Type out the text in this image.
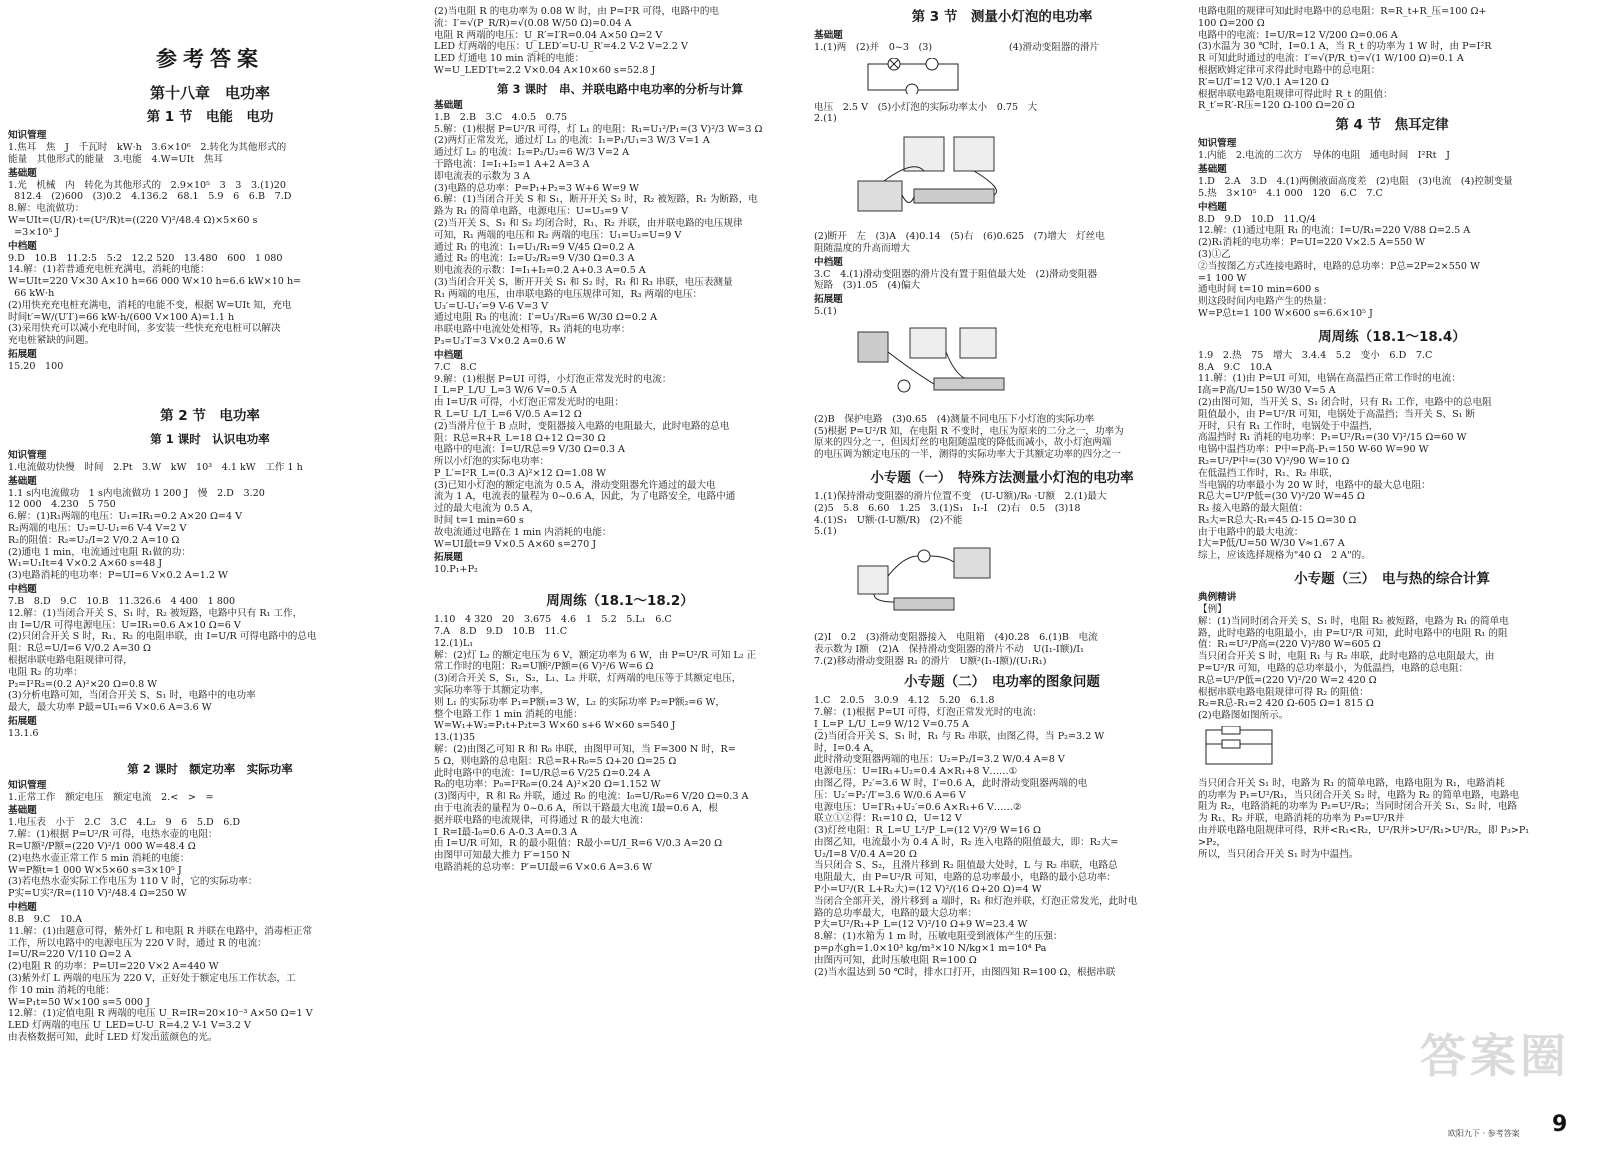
参考答案
第十八章　电功率
第 1 节　电能　电功
知识管理
1.焦耳　焦　J　千瓦时　kW·h　3.6×10⁶　2.转化为其他形式的
能量　其他形式的能量　3.电能　4.W=UIt　焦耳
基础题
1.光　机械　内　转化为其他形式的　2.9×10⁵　3　3　3.(1)20
812.4　(2)600　(3)0.2　4.136.2　68.1　5.9　6　6.B　7.D
8.解：电流做功：
W=UIt=(U/R)·t=(U²/R)t=((220 V)²/48.4 Ω)×5×60 s
=3×10⁵ J
中档题
9.D　10.B　11.2:5　5:2　12.2 520　13.480　600　1 080
14.解：(1)若普通充电桩充满电，消耗的电能：
W=UIt=220 V×30 A×10 h=66 000 W×10 h=6.6 kW×10 h=
66 kW·h
(2)用快充充电桩充满电，消耗的电能不变，根据 W=UIt 知，充电
时间t′=W/(U′I′)=66 kW·h/(600 V×100 A)=1.1 h
(3)采用快充可以减小充电时间，多安装一些快充充电桩可以解决
充电桩紧缺的问题。
拓展题
15.20　100
第 2 节　电功率
第 1 课时　认识电功率
知识管理
1.电流做功快慢　时间　2.Pt　3.W　kW　10³　4.1 kW　工作 1 h
基础题
1.1 s内电流做功　1 s内电流做功 1 200 J　慢　2.D　3.20
12 000　4.230　5 750
6.解：(1)R₁两端的电压：U₁=IR₁=0.2 A×20 Ω=4 V
R₂两端的电压：U₂=U-U₁=6 V-4 V=2 V
R₂的阻值：R₂=U₂/I=2 V/0.2 A=10 Ω
(2)通电 1 min，电流通过电阻 R₁做的功：
W₁=U₁It=4 V×0.2 A×60 s=48 J
(3)电路消耗的电功率：P=UI=6 V×0.2 A=1.2 W
中档题
7.B　8.D　9.C　10.B　11.326.6　4 400　1 800
12.解：(1)当闭合开关 S、S₁ 时，R₂ 被短路，电路中只有 R₁ 工作，
由 I=U/R 可得电源电压：U=IR₁=0.6 A×10 Ω=6 V
(2)只闭合开关 S 时，R₁、R₂ 的电阻串联，由 I=U/R 可得电路中的总电
阻：R总=U/I=6 V/0.2 A=30 Ω
根据串联电路电阻规律可得，
电阻 R₂ 的功率：
P₂=I²R₂=(0.2 A)²×20 Ω=0.8 W
(3)分析电路可知，当闭合开关 S、S₁ 时，电路中的电功率
最大，最大功率 P最=UI₁=6 V×0.6 A=3.6 W
拓展题
13.1.6
第 2 课时　额定功率　实际功率
知识管理
1.正常工作　额定电压　额定电流　2.<　>　=
基础题
1.电压表　小于　2.C　3.C　4.L₂　9　6　5.D　6.D
7.解：(1)根据 P=U²/R 可得，电热水壶的电阻：
R=U额²/P额=(220 V)²/1 000 W=48.4 Ω
(2)电热水壶正常工作 5 min 消耗的电能：
W=P额t=1 000 W×5×60 s=3×10⁵ J
(3)若电热水壶实际工作电压为 110 V 时，它的实际功率：
P实=U实²/R=(110 V)²/48.4 Ω=250 W
中档题
8.B　9.C　10.A
11.解：(1)由题意可得，紫外灯 L 和电阻 R 并联在电路中，消毒柜正常
工作，所以电路中的电源电压为 220 V 时，通过 R 的电流：
I=U/R=220 V/110 Ω=2 A
(2)电阻 R 的功率：P=UI=220 V×2 A=440 W
(3)紫外灯 L 两端的电压为 220 V，正好处于额定电压工作状态，工
作 10 min 消耗的电能：
W=P₁t=50 W×100 s=5 000 J
12.解：(1)定值电阻 R 两端的电压 U_R=IR=20×10⁻³ A×50 Ω=1 V
LED 灯两端的电压 U_LED=U-U_R=4.2 V-1 V=3.2 V
由表格数据可知，此时 LED 灯发出蓝颜色的光。
(2)当电阻 R 的电功率为 0.08 W 时，由 P=I²R 可得，电路中的电
流：I′=√(P_R/R)=√(0.08 W/50 Ω)=0.04 A
电阻 R 两端的电压：U_R′=I′R=0.04 A×50 Ω=2 V
LED 灯两端的电压：U_LED′=U-U_R′=4.2 V-2 V=2.2 V
LED 灯通电 10 min 消耗的电能：
W=U_LED′I′t=2.2 V×0.04 A×10×60 s=52.8 J
第 3 课时　串、并联电路中电功率的分析与计算
基础题
1.B　2.B　3.C　4.0.5　0.75
5.解：(1)根据 P=U²/R 可得，灯 L₁ 的电阻：R₁=U₁²/P₁=(3 V)²/3 W=3 Ω
(2)两灯正常发光，通过灯 L₁ 的电流：I₁=P₁/U₁=3 W/3 V=1 A
通过灯 L₂ 的电流：I₂=P₂/U₂=6 W/3 V=2 A
干路电流：I=I₁+I₂=1 A+2 A=3 A
即电流表的示数为 3 A
(3)电路的总功率：P=P₁+P₂=3 W+6 W=9 W
6.解：(1)当闭合开关 S 和 S₁，断开开关 S₂ 时，R₂ 被短路，R₁ 为断路，电
路为 R₁ 的简单电路，电源电压：U=U₃=9 V
(2)当开关 S、S₁ 和 S₂ 均闭合时，R₁、R₂ 并联，由并联电路的电压规律
可知，R₁ 两端的电压和 R₂ 两端的电压：U₁=U₂=U=9 V
通过 R₁ 的电流：I₁=U₁/R₁=9 V/45 Ω=0.2 A
通过 R₂ 的电流：I₂=U₂/R₂=9 V/30 Ω=0.3 A
则电流表的示数：I=I₁+I₂=0.2 A+0.3 A=0.5 A
(3)当闭合开关 S，断开开关 S₁ 和 S₂ 时，R₁ 和 R₃ 串联，电压表测量
R₁ 两端的电压，由串联电路的电压规律可知，R₃ 两端的电压：
U₃′=U-U₁′=9 V-6 V=3 V
通过电阻 R₃ 的电流：I′=U₃′/R₃=6 W/30 Ω=0.2 A
串联电路中电流处处相等，R₃ 消耗的电功率：
P₃=U₃′I′=3 V×0.2 A=0.6 W
中档题
7.C　8.C
9.解：(1)根据 P=UI 可得，小灯泡正常发光时的电流：
I_L=P_L/U_L=3 W/6 V=0.5 A
由 I=U/R 可得，小灯泡正常发光时的电阻：
R_L=U_L/I_L=6 V/0.5 A=12 Ω
(2)当滑片位于 B 点时，变阻器接入电路的电阻最大，此时电路的总电
阻：R总=R+R_L=18 Ω+12 Ω=30 Ω
电路中的电流：I=U/R总=9 V/30 Ω=0.3 A
所以小灯泡的实际电功率：
P_L′=I²R_L=(0.3 A)²×12 Ω=1.08 W
(3)已知小灯泡的额定电流为 0.5 A，滑动变阻器允许通过的最大电
流为 1 A，电流表的量程为 0~0.6 A，因此，为了电路安全，电路中通
过的最大电流为 0.5 A，
时间 t=1 min=60 s
故电流通过电路在 1 min 内消耗的电能：
W=UI最t=9 V×0.5 A×60 s=270 J
拓展题
10.P₁+P₂
周周练（18.1～18.2）
1.10　4 320　20　3.675　4.6　1　5.2　5.L₁　6.C
7.A　8.D　9.D　10.B　11.C
12.(1)L₁
解：(2)灯 L₂ 的额定电压为 6 V，额定功率为 6 W，由 P=U²/R 可知 L₂ 正
常工作时的电阻：R₂=U额²/P额=(6 V)²/6 W=6 Ω
(3)闭合开关 S，S₁，S₂，L₁、L₂ 并联，灯两端的电压等于其额定电压，
实际功率等于其额定功率，
则 L₁ 的实际功率 P₁=P额₁=3 W，L₂ 的实际功率 P₂=P额₂=6 W，
整个电路工作 1 min 消耗的电能：
W=W₁+W₂=P₁t+P₂t=3 W×60 s+6 W×60 s=540 J
13.(1)35
解：(2)由图乙可知 R 和 R₀ 串联，由图甲可知，当 F=300 N 时，R=
5 Ω，则电路的总电阻：R总=R+R₀=5 Ω+20 Ω=25 Ω
此时电路中的电流：I=U/R总=6 V/25 Ω=0.24 A
R₀的电功率：P₀=I²R₀=(0.24 A)²×20 Ω=1.152 W
(3)图丙中，R 和 R₀ 并联，通过 R₀ 的电流：I₀=U/R₀=6 V/20 Ω=0.3 A
由于电流表的量程为 0~0.6 A，所以干路最大电流 I最=0.6 A，根
据并联电路的电流规律，可得通过 R 的最大电流：
I_R=I最-I₀=0.6 A-0.3 A=0.3 A
由 I=U/R 可知，R 的最小阻值：R最小=U/I_R=6 V/0.3 A=20 Ω
由图甲可知最大推力 F′=150 N
电路消耗的总功率：P′=UI最=6 V×0.6 A=3.6 W
第 3 节　测量小灯泡的电功率
基础题
1.(1)两　(2)并　0~3　(3)　　　　　　　　(4)滑动变阻器的滑片
电压　2.5 V　(5)小灯泡的实际功率太小　0.75　大
2.(1)
(2)断开　左　(3)A　(4)0.14　(5)右　(6)0.625　(7)增大　灯丝电
阻随温度的升高而增大
中档题
3.C　4.(1)滑动变阻器的滑片没有置于阻值最大处　(2)滑动变阻器
短路　(3)1.05　(4)偏大
拓展题
5.(1)
(2)B　保护电路　(3)0.65　(4)测量不同电压下小灯泡的实际功率
(5)根据 P=U²/R 知，在电阻 R 不变时，电压为原来的二分之一，功率为
原来的四分之一，但因灯丝的电阻随温度的降低而减小，故小灯泡两端
的电压调为额定电压的一半，测得的实际功率大于其额定功率的四分之一
小专题（一）　特殊方法测量小灯泡的电功率
1.(1)保持滑动变阻器的滑片位置不变　(U-U额)/R₀ ·U额　2.(1)最大
(2)5　5.8　6.60　1.25　3.(1)S₁　I₁-I　(2)右　0.5　(3)18
4.(1)S₁　U额·(I-U额/R)　(2)不能
5.(1)
(2)I　0.2　(3)滑动变阻器接入　电阻箱　(4)0.28　6.(1)B　电流
表示数为 I额　(2)A　保持滑动变阻器的滑片不动　U(I₁-I额)/I₁
7.(2)移动滑动变阻器 R₁ 的滑片　U额²(I₁-I额)/(U₁R₁)
小专题（二）　电功率的图象问题
1.C　2.0.5　3.0.9　4.12　5.20　6.1.8
7.解：(1)根据 P=UI 可得，灯泡正常发光时的电流：
I_L=P_L/U_L=9 W/12 V=0.75 A
(2)当闭合开关 S、S₁ 时，R₁ 与 R₂ 串联，由图乙得，当 P₂=3.2 W
时，I=0.4 A，
此时滑动变阻器两端的电压：U₂=P₂/I=3.2 W/0.4 A=8 V
电源电压：U=IR₁+U₂=0.4 A×R₁+8 V……①
由图乙得，P₂′=3.6 W 时，I′=0.6 A，此时滑动变阻器两端的电
压：U₂′=P₂′/I′=3.6 W/0.6 A=6 V
电源电压：U=I′R₁+U₂′=0.6 A×R₁+6 V……②
联立①②得：R₁=10 Ω，U=12 V
(3)灯丝电阻：R_L=U_L²/P_L=(12 V)²/9 W=16 Ω
由图乙知，电流最小为 0.4 A 时，R₂ 连入电路的阻值最大，即：R₂大=
U₂/I=8 V/0.4 A=20 Ω
当只闭合 S、S₂，且滑片移到 R₂ 阻值最大处时，L 与 R₂ 串联，电路总
电阻最大，由 P=U²/R 可知，电路的总功率最小，电路的最小总功率：
P小=U²/(R_L+R₂大)=(12 V)²/(16 Ω+20 Ω)=4 W
当闭合全部开关，滑片移到 a 端时，R₁ 和灯泡并联，灯泡正常发光，此时电
路的总功率最大，电路的最大总功率：
P大=U²/R₁+P_L=(12 V)²/10 Ω+9 W=23.4 W
8.解：(1)水箱为 1 m 时，压敏电阻受到液体产生的压强：
p=ρ水gh=1.0×10³ kg/m³×10 N/kg×1 m=10⁴ Pa
由图丙可知，此时压敏电阻 R=100 Ω
(2)当水温达到 50 ℃时，排水口打开，由图四知 R=100 Ω，根据串联
电路电阻的规律可知此时电路中的总电阻：R=R_t+R_压=100 Ω+
100 Ω=200 Ω
电路中的电流：I=U/R=12 V/200 Ω=0.06 A
(3)水温为 30 ℃时，I=0.1 A，当 R_t 的功率为 1 W 时，由 P=I²R
R 可知此时通过的电流：I′=√(P/R_t)=√(1 W/100 Ω)=0.1 A
根据欧姆定律可求得此时电路中的总电阻：
R′=U/I′=12 V/0.1 A=120 Ω
根据串联电路电阻规律可得此时 R_t 的阻值：
R_t′=R′-R压=120 Ω-100 Ω=20 Ω
第 4 节　焦耳定律
知识管理
1.内能　2.电流的二次方　导体的电阻　通电时间　I²Rt　J
基础题
1.D　2.A　3.D　4.(1)两侧液面高度差　(2)电阻　(3)电流　(4)控制变量
5.热　3×10⁵　4.1 000　120　6.C　7.C
中档题
8.D　9.D　10.D　11.Q/4
12.解：(1)通过电阻 R₁ 的电流：I=U/R₁=220 V/88 Ω=2.5 A
(2)R₁消耗的电功率：P=UI=220 V×2.5 A=550 W
(3)①乙
②当按图乙方式连接电路时，电路的总功率：P总=2P=2×550 W
=1 100 W
通电时间 t=10 min=600 s
则这段时间内电路产生的热量：
W=P总t=1 100 W×600 s=6.6×10⁵ J
周周练（18.1～18.4）
1.9　2.热　75　增大　3.4.4　5.2　变小　6.D　7.C
8.A　9.C　10.A
11.解：(1)由 P=UI 可知，电锅在高温挡正常工作时的电流：
I高=P高/U=150 W/30 V=5 A
(2)由图可知，当开关 S、S₁ 闭合时，只有 R₁ 工作，电路中的总电阻
阻值最小，由 P=U²/R 可知，电锅处于高温挡；当开关 S、S₁ 断
开时，只有 R₁ 工作时，电锅处于中温挡，
高温挡时 R₁ 消耗的电功率：P₁=U²/R₁=(30 V)²/15 Ω=60 W
电锅中温挡功率：P中=P高-P₁=150 W-60 W=90 W
R₂=U²/P中=(30 V)²/90 W=10 Ω
在低温挡工作时，R₁、R₂ 串联，
当电锅的功率最小为 20 W 时，电路中的最大总电阻：
R总大=U²/P低=(30 V)²/20 W=45 Ω
R₃ 接入电路的最大阻值：
R₃大=R总大-R₁=45 Ω-15 Ω=30 Ω
由于电路中的最大电流：
I大=P低/U=50 W/30 V≈1.67 A
综上，应该选择规格为"40 Ω　2 A"的。
小专题（三）　电与热的综合计算
典例精讲
【例】
解：(1)当同时闭合开关 S、S₁ 时，电阻 R₂ 被短路，电路为 R₁ 的简单电
路，此时电路的电阻最小，由 P=U²/R 可知，此时电路中的电阻 R₁ 的阻
值：R₁=U²/P高=(220 V)²/80 W=605 Ω
当只闭合开关 S 时，电阻 R₁ 与 R₂ 串联，此时电路的总电阻最大，由
P=U²/R 可知，电路的总功率最小，为低温挡，电路的总电阻：
R总=U²/P低=(220 V)²/20 W=2 420 Ω
根据串联电路电阻规律可得 R₂ 的阻值：
R₂=R总-R₁=2 420 Ω-605 Ω=1 815 Ω
(2)电路图如图所示。
当只闭合开关 S₁ 时，电路为 R₁ 的简单电路，电路电阻为 R₁，电路消耗
的功率为 P₁=U²/R₁，当只闭合开关 S₂ 时，电路为 R₂ 的简单电路，电路电
阻为 R₂，电路消耗的功率为 P₂=U²/R₂；当同时闭合开关 S₁、S₂ 时，电路
为 R₁、R₂ 并联，电路消耗的功率为 P₃=U²/R并
由并联电路电阻规律可得，R并<R₁<R₂，U²/R并>U²/R₁>U²/R₂，即 P₃>P₁
>P₂，
所以，当只闭合开关 S₁ 时为中温挡。
答案圈
欧阳九下 · 参考答案 9
